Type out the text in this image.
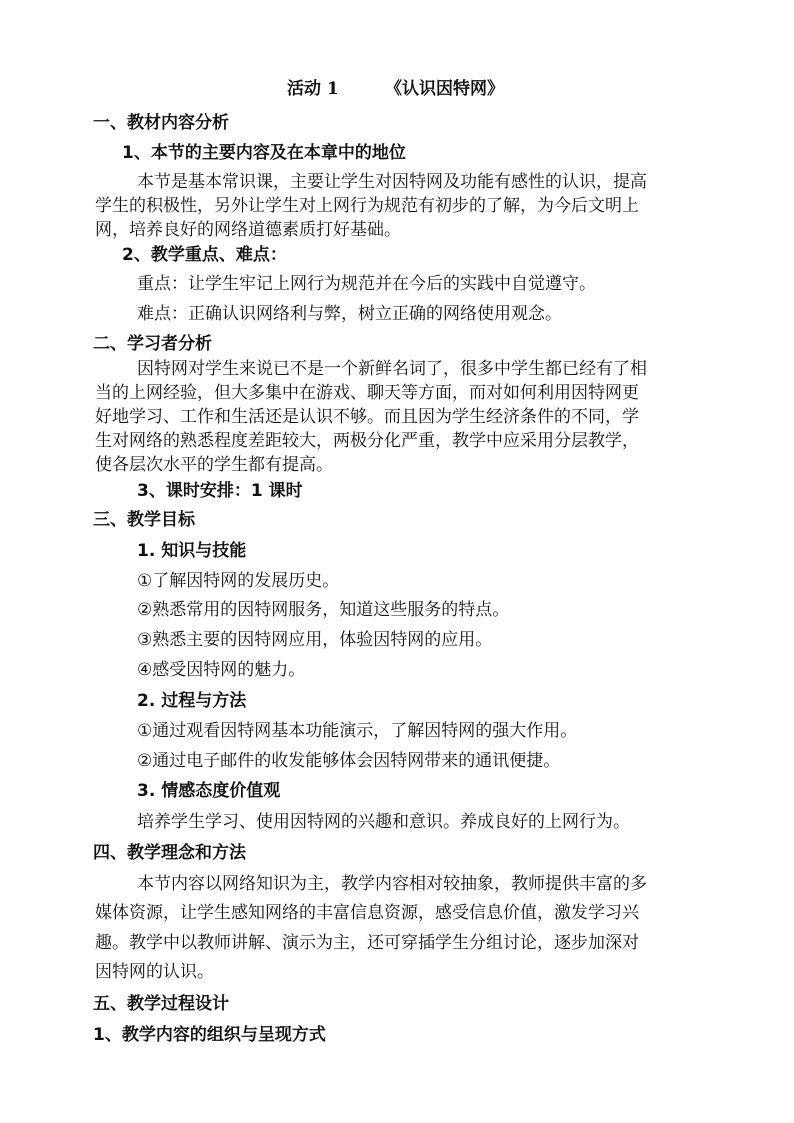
活动 1	《认识因特网》
一、教材内容分析
1、本节的主要内容及在本章中的地位
本节是基本常识课，主要让学生对因特网及功能有感性的认识，提高
学生的积极性，另外让学生对上网行为规范有初步的了解，为今后文明上
网，培养良好的网络道德素质打好基础。
2、教学重点、难点：
重点：让学生牢记上网行为规范并在今后的实践中自觉遵守。
难点：正确认识网络利与弊，树立正确的网络使用观念。
二、学习者分析
因特网对学生来说已不是一个新鲜名词了，很多中学生都已经有了相
当的上网经验，但大多集中在游戏、聊天等方面，而对如何利用因特网更
好地学习、工作和生活还是认识不够。而且因为学生经济条件的不同，学
生对网络的熟悉程度差距较大，两极分化严重，教学中应采用分层教学，
使各层次水平的学生都有提高。
3、课时安排：1 课时
三、教学目标
1. 知识与技能
①了解因特网的发展历史。
②熟悉常用的因特网服务，知道这些服务的特点。
③熟悉主要的因特网应用，体验因特网的应用。
④感受因特网的魅力。
2. 过程与方法
①通过观看因特网基本功能演示，了解因特网的强大作用。
②通过电子邮件的收发能够体会因特网带来的通讯便捷。
3. 情感态度价值观
培养学生学习、使用因特网的兴趣和意识。养成良好的上网行为。
四、教学理念和方法
本节内容以网络知识为主，教学内容相对较抽象，教师提供丰富的多
媒体资源，让学生感知网络的丰富信息资源，感受信息价值，激发学习兴
趣。教学中以教师讲解、演示为主，还可穿插学生分组讨论，逐步加深对
因特网的认识。
五、教学过程设计
1、教学内容的组织与呈现方式
